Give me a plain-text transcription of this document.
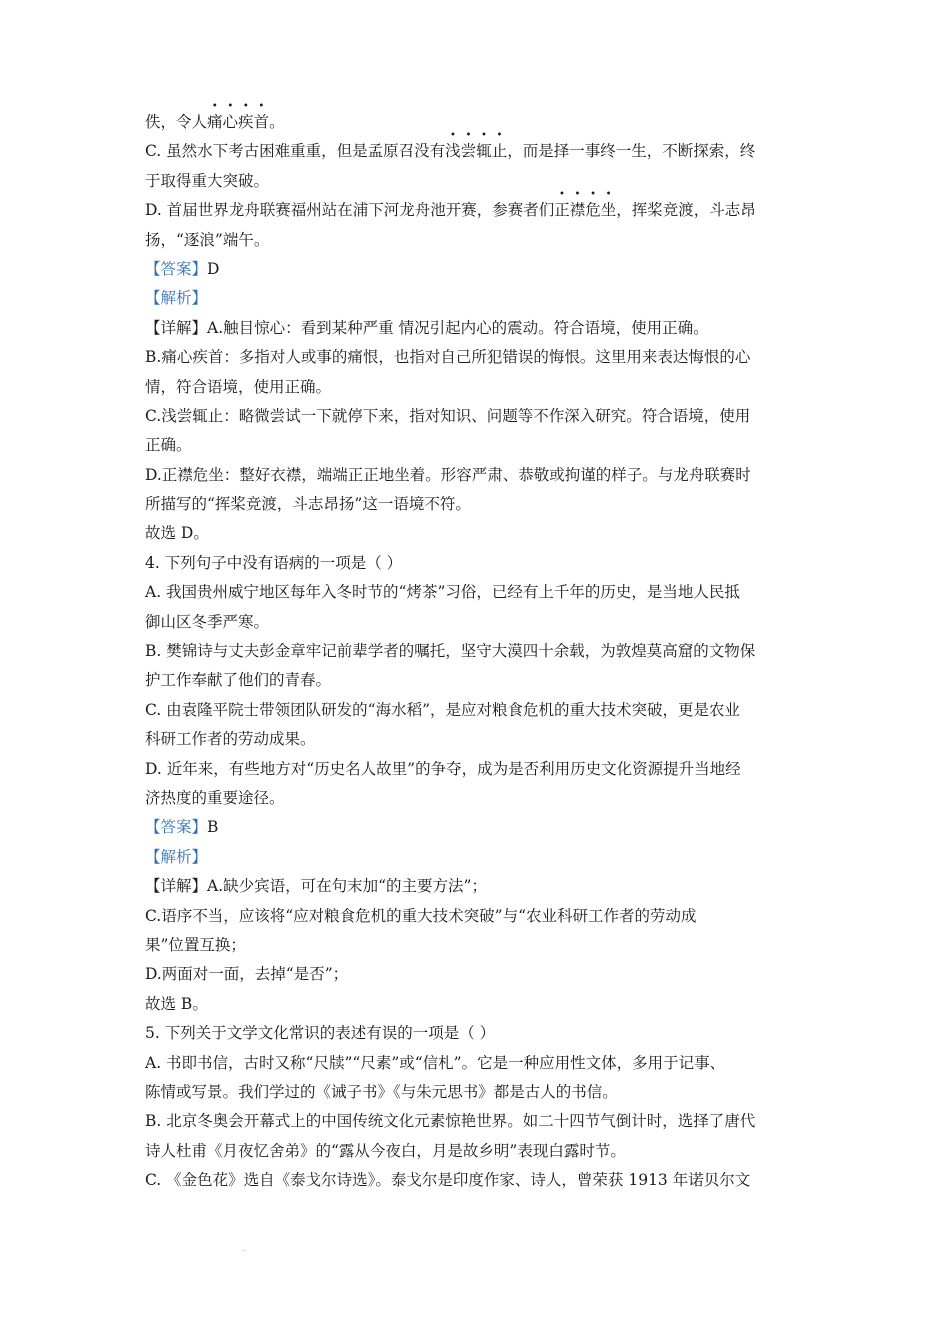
佚，令人痛心疾首。
C. 虽然水下考古困难重重，但是孟原召没有浅尝辄止，而是择一事终一生，不断探索，终
于取得重大突破。
D. 首届世界龙舟联赛福州站在浦下河龙舟池开赛，参赛者们正襟危坐，挥桨竞渡，斗志昂
扬，“逐浪”端午。
【答案】D
【解析】
【详解】A.触目惊心：看到某种严重 情况引起内心的震动。符合语境，使用正确。
B.痛心疾首：多指对人或事的痛恨，也指对自己所犯错误的悔恨。这里用来表达悔恨的心
情，符合语境，使用正确。
C.浅尝辄止：略微尝试一下就停下来，指对知识、问题等不作深入研究。符合语境，使用
正确。
D.正襟危坐：整好衣襟，端端正正地坐着。形容严肃、恭敬或拘谨的样子。与龙舟联赛时
所描写的“挥桨竞渡，斗志昂扬”这一语境不符。
故选 D。
4. 下列句子中没有语病的一项是（ ）
A. 我国贵州威宁地区每年入冬时节的“烤茶”习俗，已经有上千年的历史，是当地人民抵
御山区冬季严寒。
B. 樊锦诗与丈夫彭金章牢记前辈学者的嘱托，坚守大漠四十余载，为敦煌莫高窟的文物保
护工作奉献了他们的青春。
C. 由袁隆平院士带领团队研发的“海水稻”，是应对粮食危机的重大技术突破，更是农业
科研工作者的劳动成果。
D. 近年来，有些地方对“历史名人故里”的争夺，成为是否利用历史文化资源提升当地经
济热度的重要途径。
【答案】B
【解析】
【详解】A.缺少宾语，可在句末加“的主要方法”；
C.语序不当，应该将“应对粮食危机的重大技术突破”与“农业科研工作者的劳动成
果”位置互换；
D.两面对一面，去掉“是否”；
故选 B。
5. 下列关于文学文化常识的表述有误的一项是（ ）
A. 书即书信，古时又称“尺牍”“尺素”或“信札”。它是一种应用性文体，多用于记事、
陈情或写景。我们学过的《诫子书》《与朱元思书》都是古人的书信。
B. 北京冬奥会开幕式上的中国传统文化元素惊艳世界。如二十四节气倒计时，选择了唐代
诗人杜甫《月夜忆舍弟》的“露从今夜白，月是故乡明”表现白露时节。
C. 《金色花》选自《泰戈尔诗选》。泰戈尔是印度作家、诗人，曾荣获 1913 年诺贝尔文
.
